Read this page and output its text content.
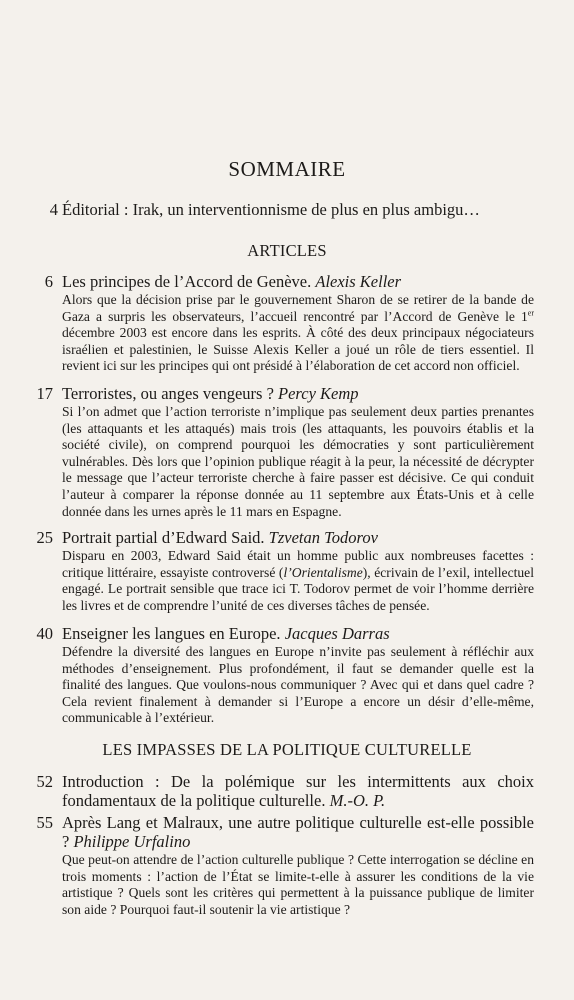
SOMMAIRE
4 Éditorial : Irak, un interventionnisme de plus en plus ambigu…
ARTICLES
6 Les principes de l’Accord de Genève. Alexis Keller
Alors que la décision prise par le gouvernement Sharon de se retirer de la bande de Gaza a surpris les observateurs, l’accueil rencontré par l’Accord de Genève le 1er décembre 2003 est encore dans les esprits. À côté des deux principaux négociateurs israélien et palestinien, le Suisse Alexis Keller a joué un rôle de tiers essentiel. Il revient ici sur les principes qui ont présidé à l’élaboration de cet accord non officiel.
17 Terroristes, ou anges vengeurs ? Percy Kemp
Si l’on admet que l’action terroriste n’implique pas seulement deux parties prenantes (les attaquants et les attaqués) mais trois (les attaquants, les pouvoirs établis et la société civile), on comprend pourquoi les démocraties y sont particulièrement vulnérables. Dès lors que l’opinion publique réagit à la peur, la nécessité de décrypter le message que l’acteur terroriste cherche à faire passer est décisive. Ce qui conduit l’auteur à comparer la réponse donnée au 11 septembre aux États-Unis et à celle donnée dans les urnes après le 11 mars en Espagne.
25 Portrait partial d’Edward Said. Tzvetan Todorov
Disparu en 2003, Edward Said était un homme public aux nombreuses facettes : critique littéraire, essayiste controversé (l’Orientalisme), écrivain de l’exil, intellectuel engagé. Le portrait sensible que trace ici T. Todorov permet de voir l’homme derrière les livres et de comprendre l’unité de ces diverses tâches de pensée.
40 Enseigner les langues en Europe. Jacques Darras
Défendre la diversité des langues en Europe n’invite pas seulement à réfléchir aux méthodes d’enseignement. Plus profondément, il faut se demander quelle est la finalité des langues. Que voulons-nous communiquer ? Avec qui et dans quel cadre ? Cela revient finalement à demander si l’Europe a encore un désir d’elle-même, communicable à l’extérieur.
LES IMPASSES DE LA POLITIQUE CULTURELLE
52 Introduction : De la polémique sur les intermittents aux choix fondamentaux de la politique culturelle. M.-O. P.
55 Après Lang et Malraux, une autre politique culturelle est-elle possible ? Philippe Urfalino
Que peut-on attendre de l’action culturelle publique ? Cette interrogation se décline en trois moments : l’action de l’État se limite-t-elle à assurer les conditions de la vie artistique ? Quels sont les critères qui permettent à la puissance publique de limiter son aide ? Pourquoi faut-il soutenir la vie artistique ?
